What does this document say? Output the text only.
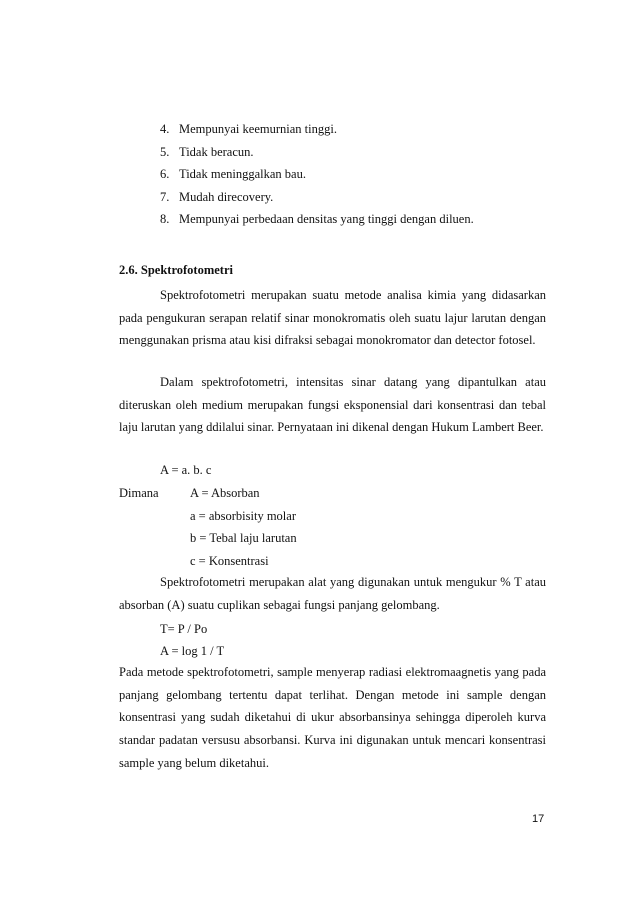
4. Mempunyai keemurnian tinggi.
5. Tidak beracun.
6. Tidak meninggalkan bau.
7. Mudah direcovery.
8. Mempunyai perbedaan densitas yang tinggi dengan diluen.
2.6. Spektrofotometri

Spektrofotometri merupakan suatu metode analisa kimia yang didasarkan pada pengukuran serapan relatif sinar monokromatis oleh suatu lajur larutan dengan menggunakan prisma atau kisi difraksi sebagai monokromator dan detector fotosel.

Dalam spektrofotometri, intensitas sinar datang yang dipantulkan atau diteruskan oleh medium merupakan fungsi eksponensial dari konsentrasi dan tebal laju larutan yang ddilalui sinar. Pernyataan ini dikenal dengan Hukum Lambert Beer.

A = a. b. c
Dimana	A = Absorban
a = absorbisity molar
b = Tebal laju larutan
c = Konsentrasi

Spektrofotometri merupakan alat yang digunakan untuk mengukur % T atau absorban (A) suatu cuplikan sebagai fungsi panjang gelombang.

T= P / Po
A = log 1 / T

Pada metode spektrofotometri, sample menyerap radiasi elektromaagnetis yang pada panjang gelombang tertentu dapat terlihat. Dengan metode ini sample dengan konsentrasi yang sudah diketahui di ukur absorbansinya sehingga diperoleh kurva standar padatan versusu absorbansi. Kurva ini digunakan untuk mencari konsentrasi sample yang belum diketahui.

17
